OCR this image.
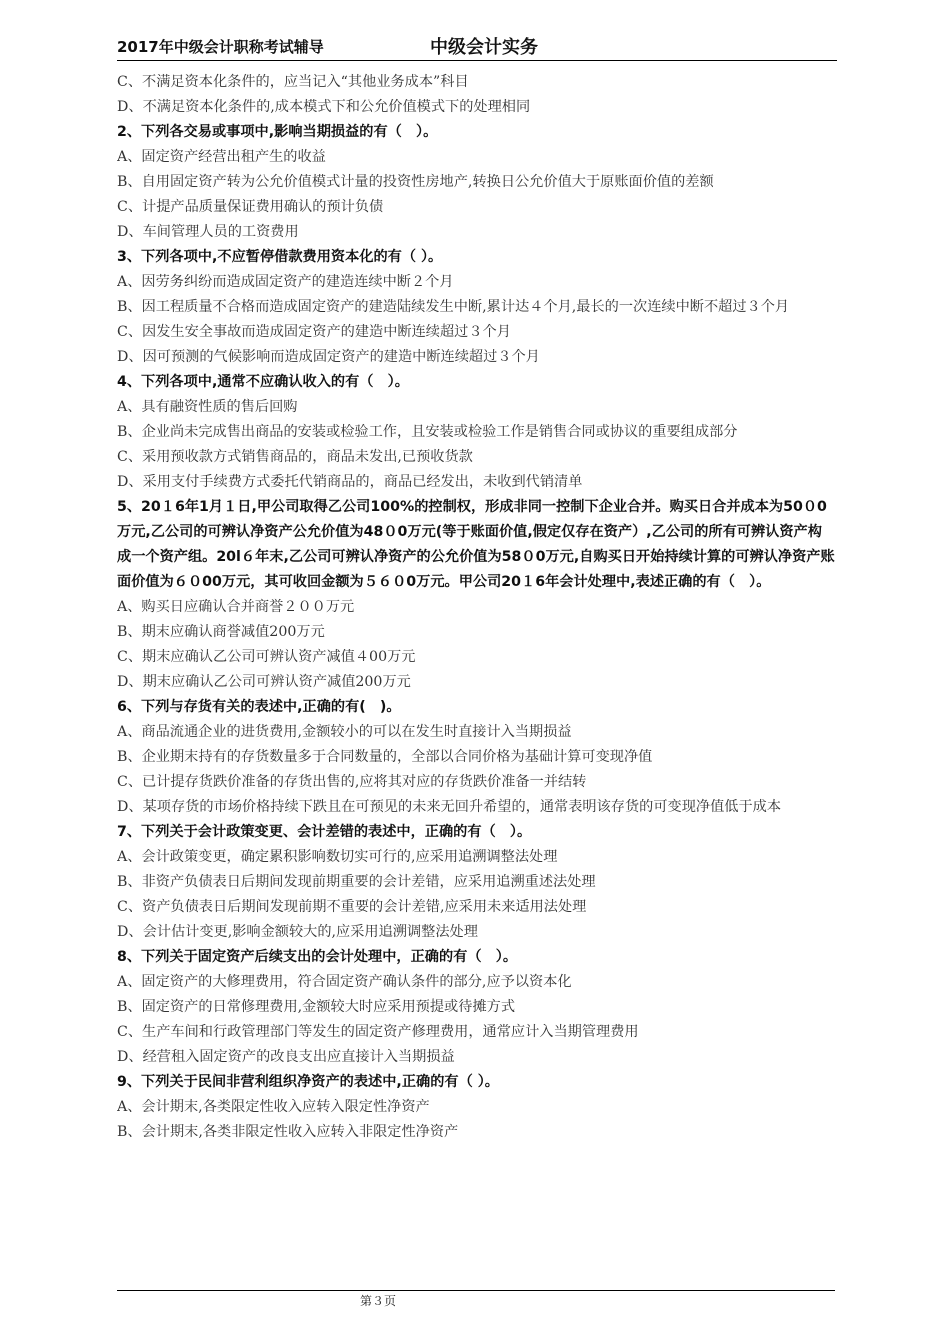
2017年中级会计职称考试辅导	中级会计实务
C、不满足资本化条件的，应当记入“其他业务成本”科目
D、不满足资本化条件的,成本模式下和公允价值模式下的处理相同
2、下列各交易或事项中,影响当期损益的有（　）。
A、固定资产经营出租产生的收益
B、自用固定资产转为公允价值模式计量的投资性房地产,转换日公允价值大于原账面价值的差额
C、计提产品质量保证费用确认的预计负债
D、车间管理人员的工资费用
3、下列各项中,不应暂停借款费用资本化的有（ ）。
A、因劳务纠纷而造成固定资产的建造连续中断２个月
B、因工程质量不合格而造成固定资产的建造陆续发生中断,累计达４个月,最长的一次连续中断不超过３个月
C、因发生安全事故而造成固定资产的建造中断连续超过３个月
D、因可预测的气候影响而造成固定资产的建造中断连续超过３个月
4、下列各项中,通常不应确认收入的有（　）。
A、具有融资性质的售后回购
B、企业尚未完成售出商品的安装或检验工作，且安装或检验工作是销售合同或协议的重要组成部分
C、采用预收款方式销售商品的，商品未发出,已预收货款
D、采用支付手续费方式委托代销商品的，商品已经发出，未收到代销清单
5、20１6年1月１日,甲公司取得乙公司100%的控制权，形成非同一控制下企业合并。购买日合并成本为50０0万元,乙公司的可辨认净资产公允价值为48０0万元(等于账面价值,假定仅存在资产）,乙公司的所有可辨认资产构成一个资产组。20l６年末,乙公司可辨认净资产的公允价值为58０0万元,自购买日开始持续计算的可辨认净资产账面价值为６０00万元，其可收回金额为５６０0万元。甲公司20１6年会计处理中,表述正确的有（　）。
A、购买日应确认合并商誉２００万元
B、期末应确认商誉减值200万元
C、期末应确认乙公司可辨认资产减值４00万元
D、期末应确认乙公司可辨认资产减值200万元
6、下列与存货有关的表述中,正确的有(　)。
A、商品流通企业的进货费用,金额较小的可以在发生时直接计入当期损益
B、企业期末持有的存货数量多于合同数量的，全部以合同价格为基础计算可变现净值
C、已计提存货跌价准备的存货出售的,应将其对应的存货跌价准备一并结转
D、某项存货的市场价格持续下跌且在可预见的未来无回升希望的，通常表明该存货的可变现净值低于成本
7、下列关于会计政策变更、会计差错的表述中，正确的有（　）。
A、会计政策变更，确定累积影响数切实可行的,应采用追溯调整法处理
B、非资产负债表日后期间发现前期重要的会计差错，应采用追溯重述法处理
C、资产负债表日后期间发现前期不重要的会计差错,应采用未来适用法处理
D、会计估计变更,影响金额较大的,应采用追溯调整法处理
8、下列关于固定资产后续支出的会计处理中，正确的有（　）。
A、固定资产的大修理费用，符合固定资产确认条件的部分,应予以资本化
B、固定资产的日常修理费用,金额较大时应采用预提或待摊方式
C、生产车间和行政管理部门等发生的固定资产修理费用，通常应计入当期管理费用
D、经营租入固定资产的改良支出应直接计入当期损益
9、下列关于民间非营利组织净资产的表述中,正确的有（ ）。
A、会计期末,各类限定性收入应转入限定性净资产
B、会计期末,各类非限定性收入应转入非限定性净资产
第３页
